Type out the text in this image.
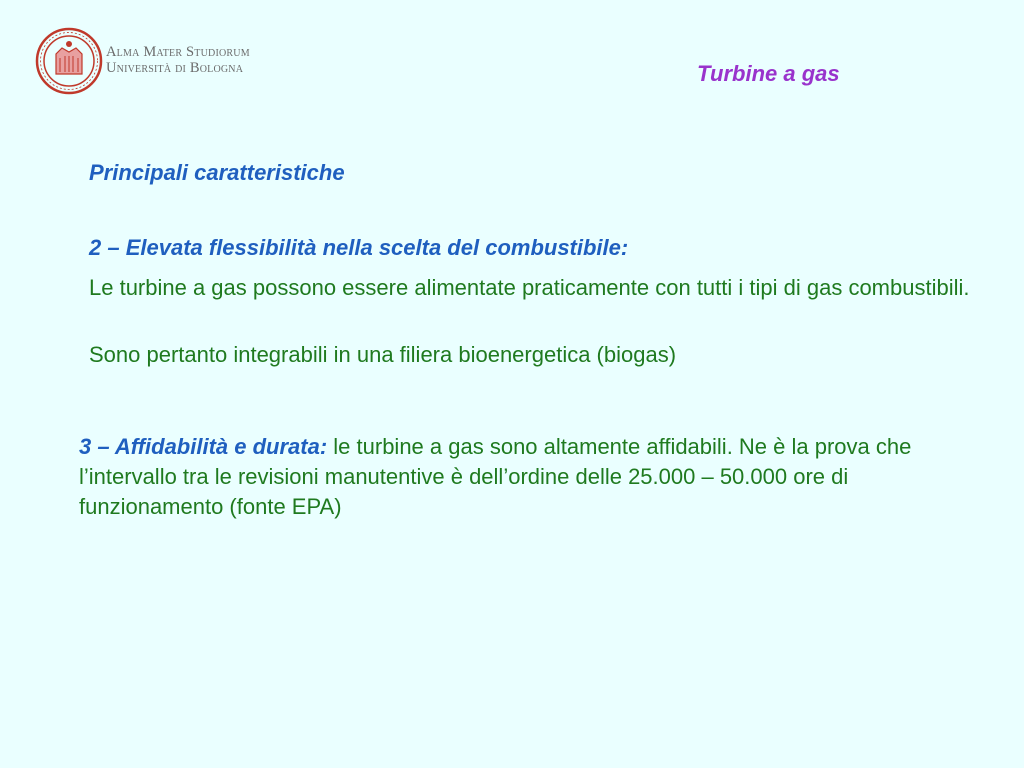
Alma Mater Studiorum
Università di Bologna	Turbine a gas
Principali caratteristiche
2 – Elevata flessibilità nella scelta del combustibile:
Le turbine a gas possono essere alimentate praticamente con tutti i tipi di gas combustibili.
Sono pertanto integrabili in una filiera bioenergetica (biogas)
3 – Affidabilità e durata: le turbine a gas sono altamente affidabili. Ne è la prova che l’intervallo tra le revisioni manutentive è dell’ordine delle 25.000 – 50.000 ore di funzionamento (fonte EPA)
